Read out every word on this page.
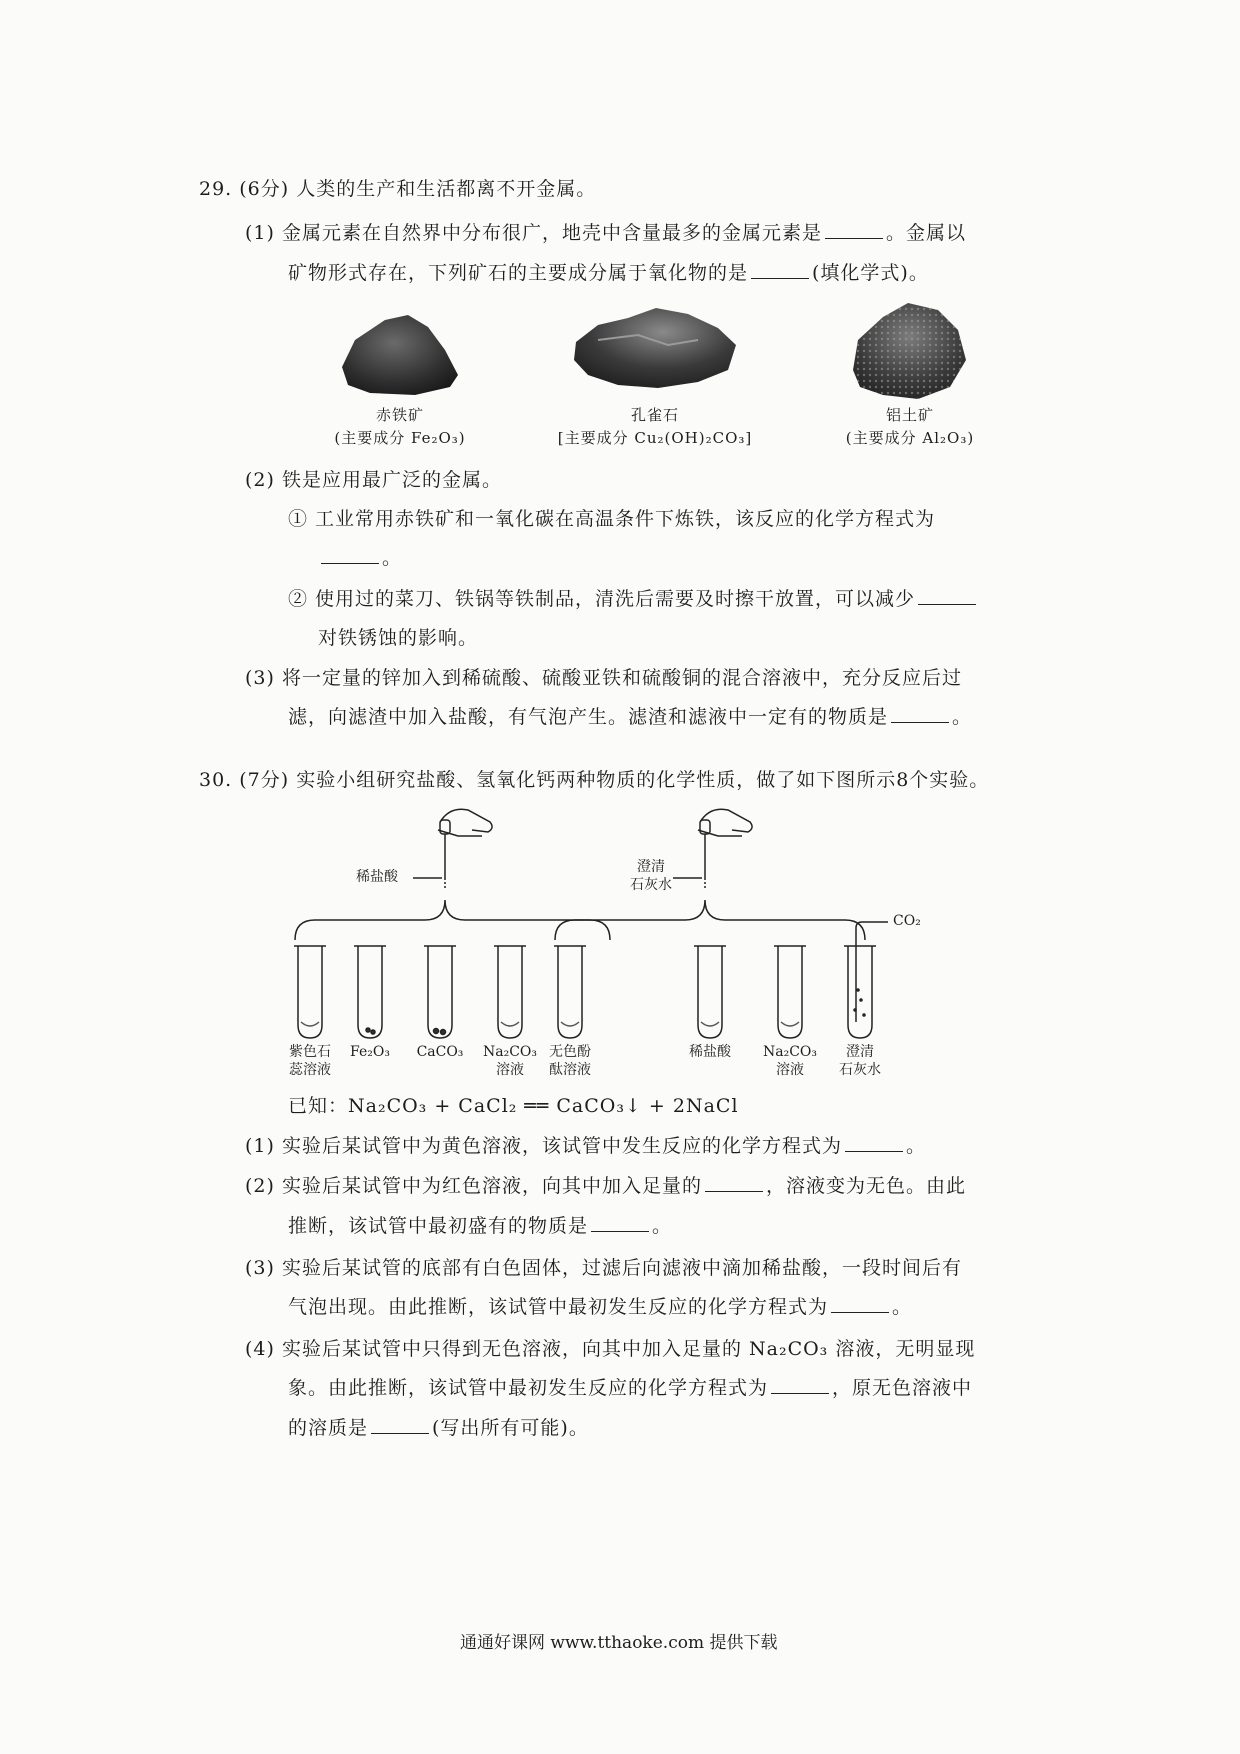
29. (6分) 人类的生产和生活都离不开金属。
(1) 金属元素在自然界中分布很广，地壳中含量最多的金属元素是	。金属以
矿物形式存在，下列矿石的主要成分属于氧化物的是	(填化学式)。
赤铁矿
(主要成分 Fe₂O₃)
孔雀石
[主要成分 Cu₂(OH)₂CO₃]
铝土矿
(主要成分 Al₂O₃)
(2) 铁是应用最广泛的金属。
① 工业常用赤铁矿和一氧化碳在高温条件下炼铁，该反应的化学方程式为
。
② 使用过的菜刀、铁锅等铁制品，清洗后需要及时擦干放置，可以减少
对铁锈蚀的影响。
(3) 将一定量的锌加入到稀硫酸、硫酸亚铁和硫酸铜的混合溶液中，充分反应后过
滤，向滤渣中加入盐酸，有气泡产生。滤渣和滤液中一定有的物质是	。
30. (7分) 实验小组研究盐酸、氢氧化钙两种物质的化学性质，做了如下图所示8个实验。
稀盐酸
澄清
石灰水
CO₂
紫色石
蕊溶液
Fe₂O₃	CaCO₃	Na₂CO₃
溶液
无色酚
酞溶液
稀盐酸	Na₂CO₃
溶液
澄清
石灰水
已知：Na₂CO₃ + CaCl₂ ══ CaCO₃↓ + 2NaCl
(1) 实验后某试管中为黄色溶液，该试管中发生反应的化学方程式为	。
(2) 实验后某试管中为红色溶液，向其中加入足量的	，溶液变为无色。由此
推断，该试管中最初盛有的物质是	。
(3) 实验后某试管的底部有白色固体，过滤后向滤液中滴加稀盐酸，一段时间后有
气泡出现。由此推断，该试管中最初发生反应的化学方程式为	。
(4) 实验后某试管中只得到无色溶液，向其中加入足量的 Na₂CO₃ 溶液，无明显现
象。由此推断，该试管中最初发生反应的化学方程式为	，原无色溶液中
的溶质是	(写出所有可能)。
通通好课网 www.tthaoke.com 提供下载
